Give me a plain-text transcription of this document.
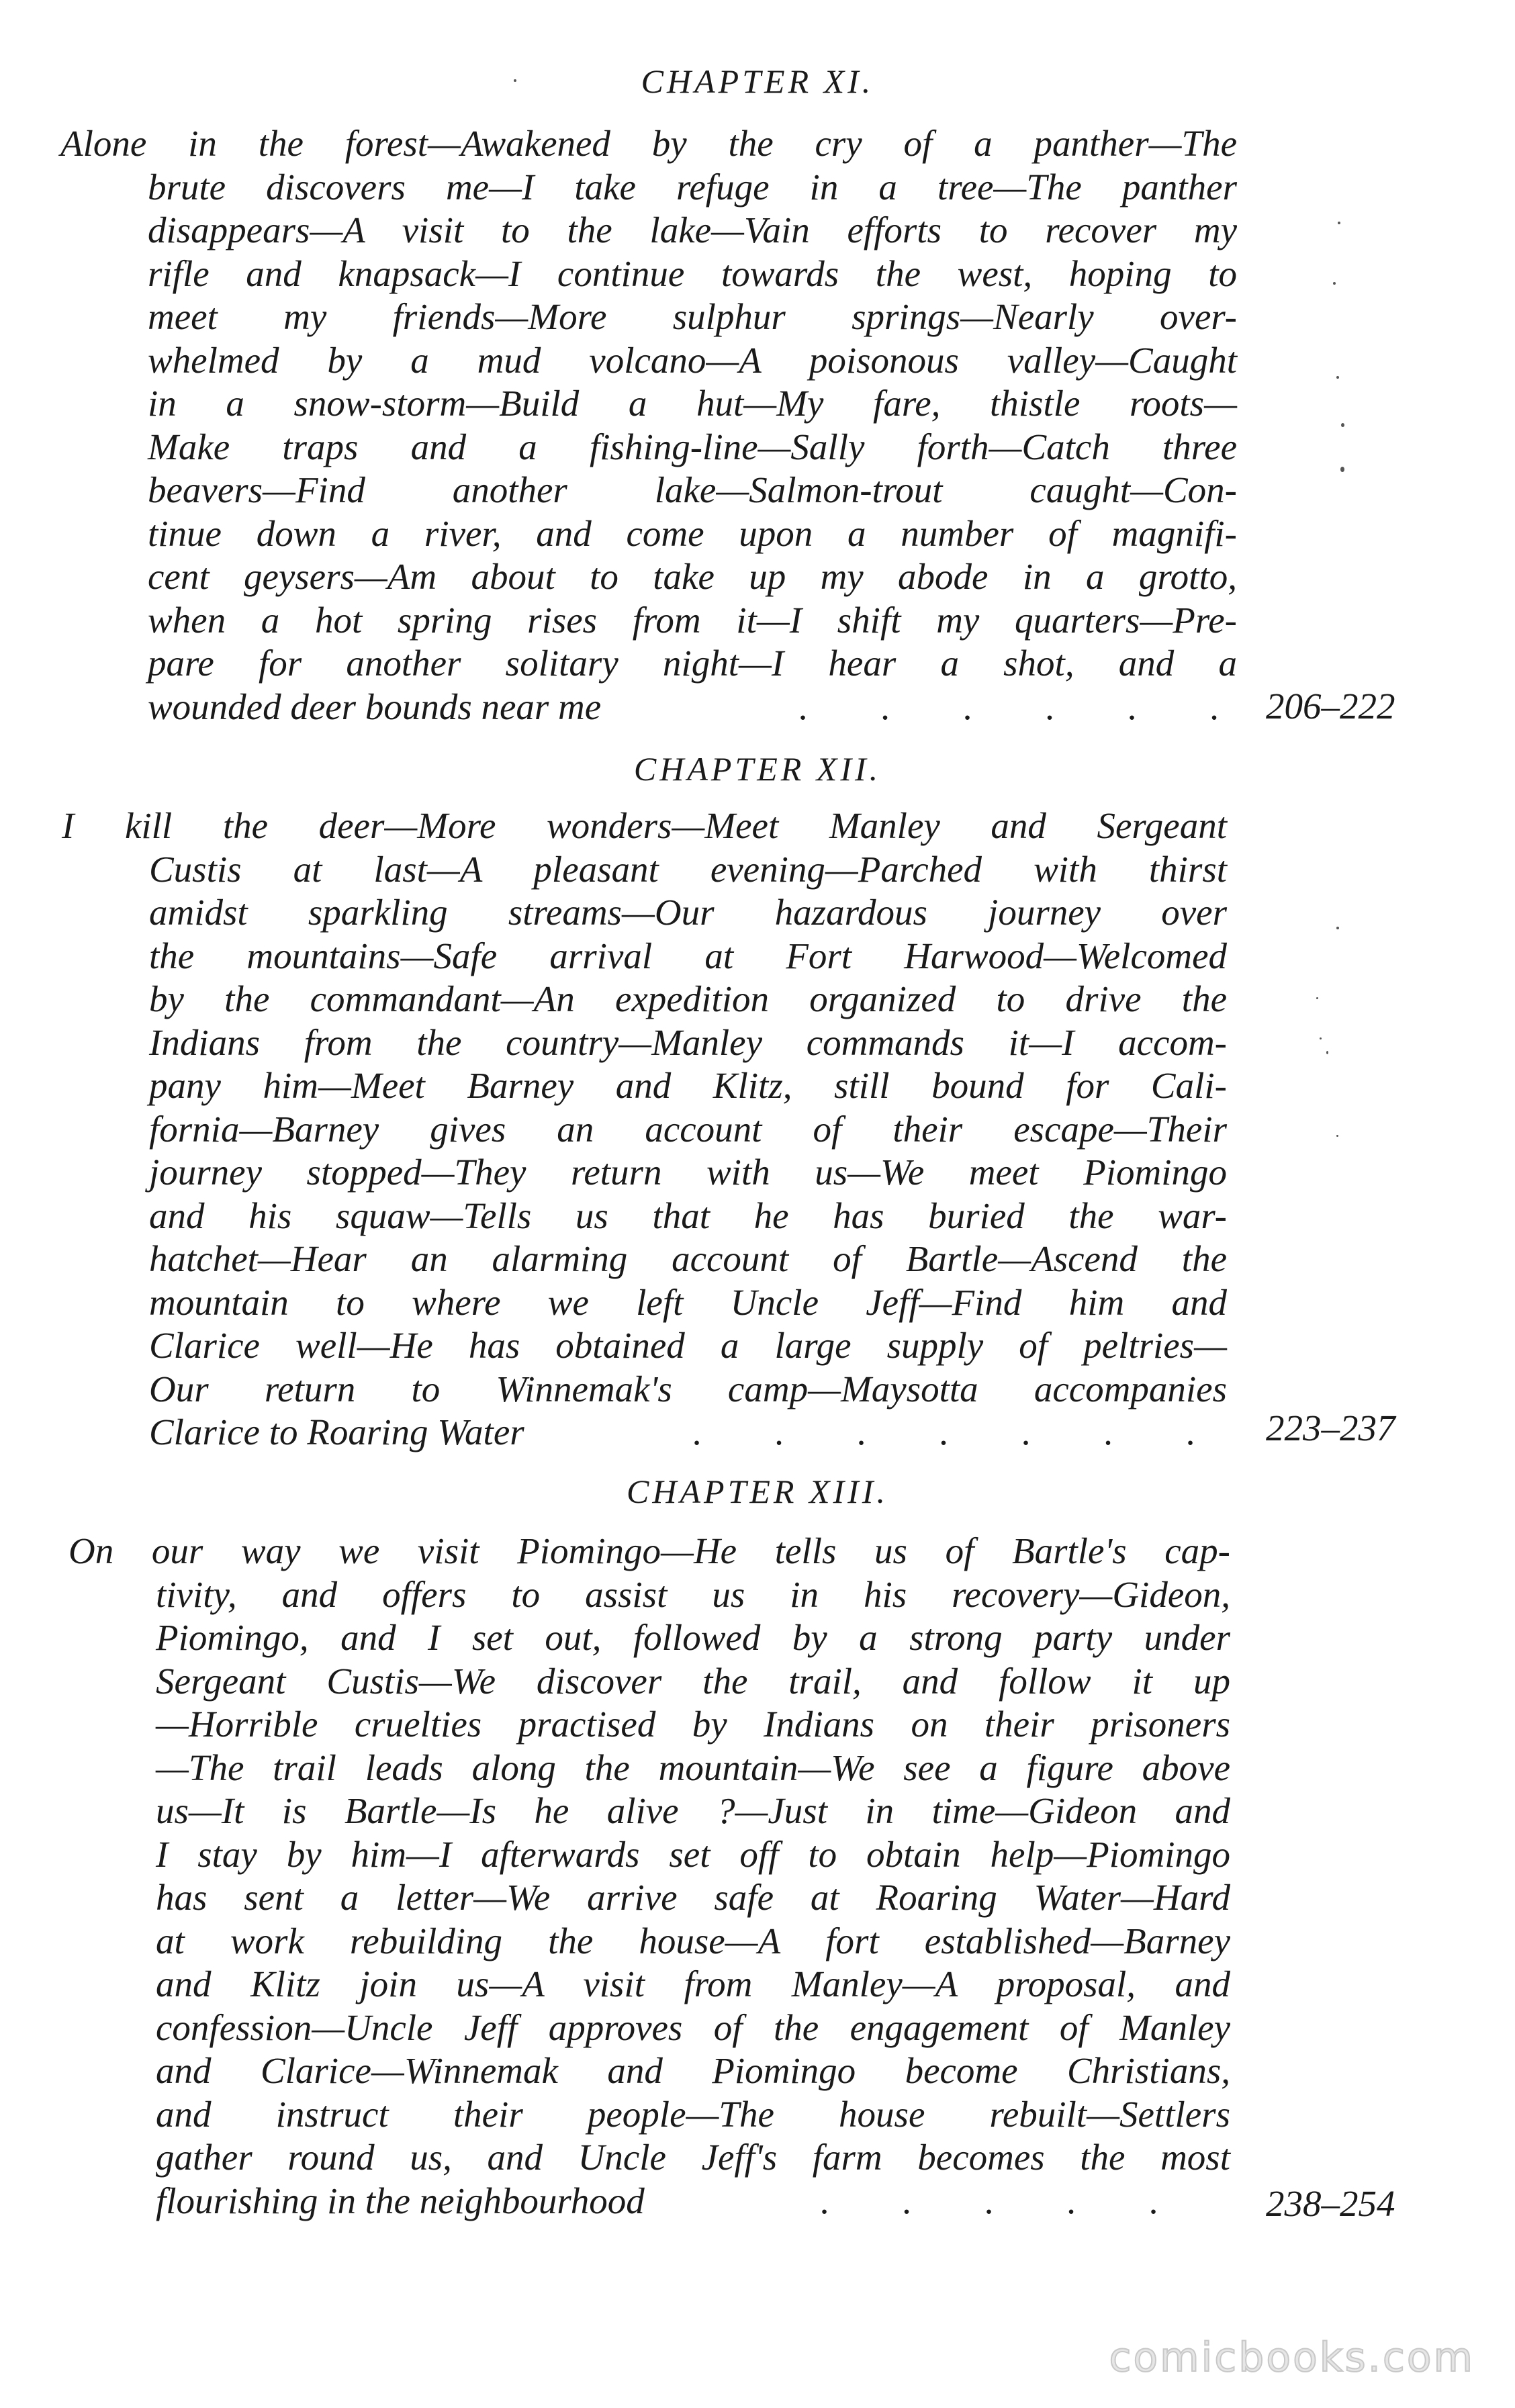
CHAPTER XI.
Alone in the forest—Awakened by the cry of a panther—The
brute discovers me—I take refuge in a tree—The panther
disappears—A visit to the lake—Vain efforts to recover my
rifle and knapsack—I continue towards the west, hoping to
meet my friends—More sulphur springs—Nearly over-
whelmed by a mud volcano—A poisonous valley—Caught
in a snow-storm—Build a hut—My fare, thistle roots—
Make traps and a fishing-line—Sally forth—Catch three
beavers—Find another lake—Salmon-trout caught—Con-
tinue down a river, and come upon a number of magnifi-
cent geysers—Am about to take up my abode in a grotto,
when a hot spring rises from it—I shift my quarters—Pre-
pare for another solitary night—I hear a shot, and a
wounded deer bounds near me	. . . . . . 206–222
CHAPTER XII.
I kill the deer—More wonders—Meet Manley and Sergeant
Custis at last—A pleasant evening—Parched with thirst
amidst sparkling streams—Our hazardous journey over
the mountains—Safe arrival at Fort Harwood—Welcomed
by the commandant—An expedition organized to drive the
Indians from the country—Manley commands it—I accom-
pany him—Meet Barney and Klitz, still bound for Cali-
fornia—Barney gives an account of their escape—Their
journey stopped—They return with us—We meet Piomingo
and his squaw—Tells us that he has buried the war-
hatchet—Hear an alarming account of Bartle—Ascend the
mountain to where we left Uncle Jeff—Find him and
Clarice well—He has obtained a large supply of peltries—
Our return to Winnemak's camp—Maysotta accompanies
Clarice to Roaring Water	. . . . . . . 223–237
CHAPTER XIII.
On our way we visit Piomingo—He tells us of Bartle's cap-
tivity, and offers to assist us in his recovery—Gideon,
Piomingo, and I set out, followed by a strong party under
Sergeant Custis—We discover the trail, and follow it up
—Horrible cruelties practised by Indians on their prisoners
—The trail leads along the mountain—We see a figure above
us—It is Bartle—Is he alive ?—Just in time—Gideon and
I stay by him—I afterwards set off to obtain help—Piomingo
has sent a letter—We arrive safe at Roaring Water—Hard
at work rebuilding the house—A fort established—Barney
and Klitz join us—A visit from Manley—A proposal, and
confession—Uncle Jeff approves of the engagement of Manley
and Clarice—Winnemak and Piomingo become Christians,
and instruct their people—The house rebuilt—Settlers
gather round us, and Uncle Jeff's farm becomes the most
flourishing in the neighbourhood	. . . . .	238–254
comicbooks.com
